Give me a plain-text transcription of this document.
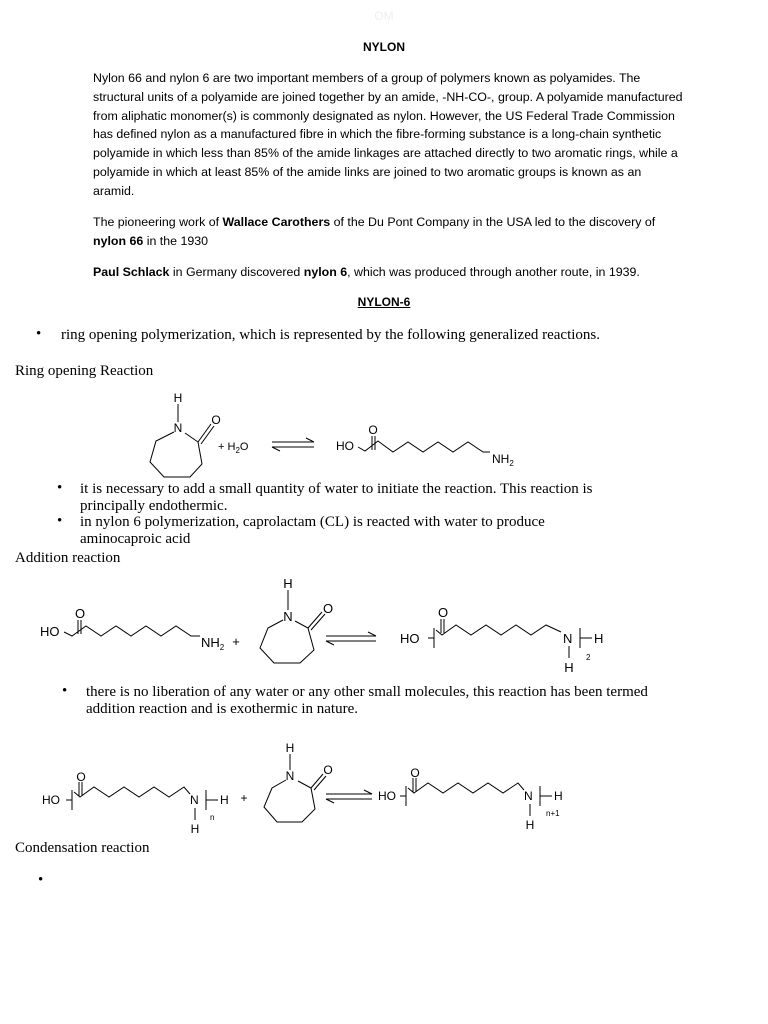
OM
NYLON
Nylon 66 and nylon 6 are two important members of a group of polymers known as polyamides. The structural units of a polyamide are joined together by an amide, -NH-CO-, group. A polyamide manufactured from aliphatic monomer(s) is commonly designated as nylon. However, the US Federal Trade Commission has defined nylon as a manufactured fibre in which the fibre-forming substance is a long-chain synthetic polyamide in which less than 85% of the amide linkages are attached directly to two aromatic rings, while a polyamide in which at least 85% of the amide links are joined to two aromatic groups is known as an aramid.
The pioneering work of Wallace Carothers of the Du Pont Company in the USA led to the discovery of nylon 66 in the 1930
Paul Schlack in Germany discovered nylon 6, which was produced through another route, in 1939.
NYLON-6
• ring opening polymerization, which is represented by the following generalized reactions.
Ring opening Reaction
H
N
O
+ $H_2O$	HO
O
$NH_2$
• it is necessary to add a small quantity of water to initiate the reaction. This reaction is principally endothermic.
• in nylon 6 polymerization, caprolactam (CL) is reacted with water to produce aminocaproic acid
Addition reaction
HO
O
$NH_2$ +
H
N
O
HO
O
N H
H
2
• there is no liberation of any water or any other small molecules, this reaction has been termed addition reaction and is exothermic in nature.
HO
O
N H
H
n
+
H
N O
HO
O
N H
H
n+1
Condensation reaction
•
